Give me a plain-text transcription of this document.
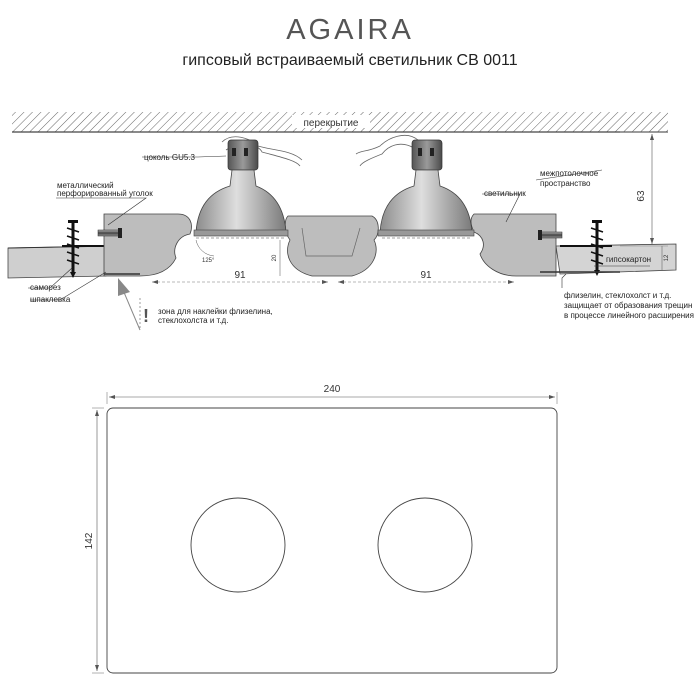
AGAIRA
гипсовый встраиваемый светильник CB 0011
перекрытие
цоколь GU5.3
металлический
перфорированный уголок
саморез
шпаклевка
! зона для наклейки флизелина,
стеклохолста и т.д.
межпотолочное
пространство
светильник
гипсокартон
флизелин, стеклохолст и т.д.
защищает от образования трещин
в процессе линейного расширения
63
12
91	91
20
125°
240
142
